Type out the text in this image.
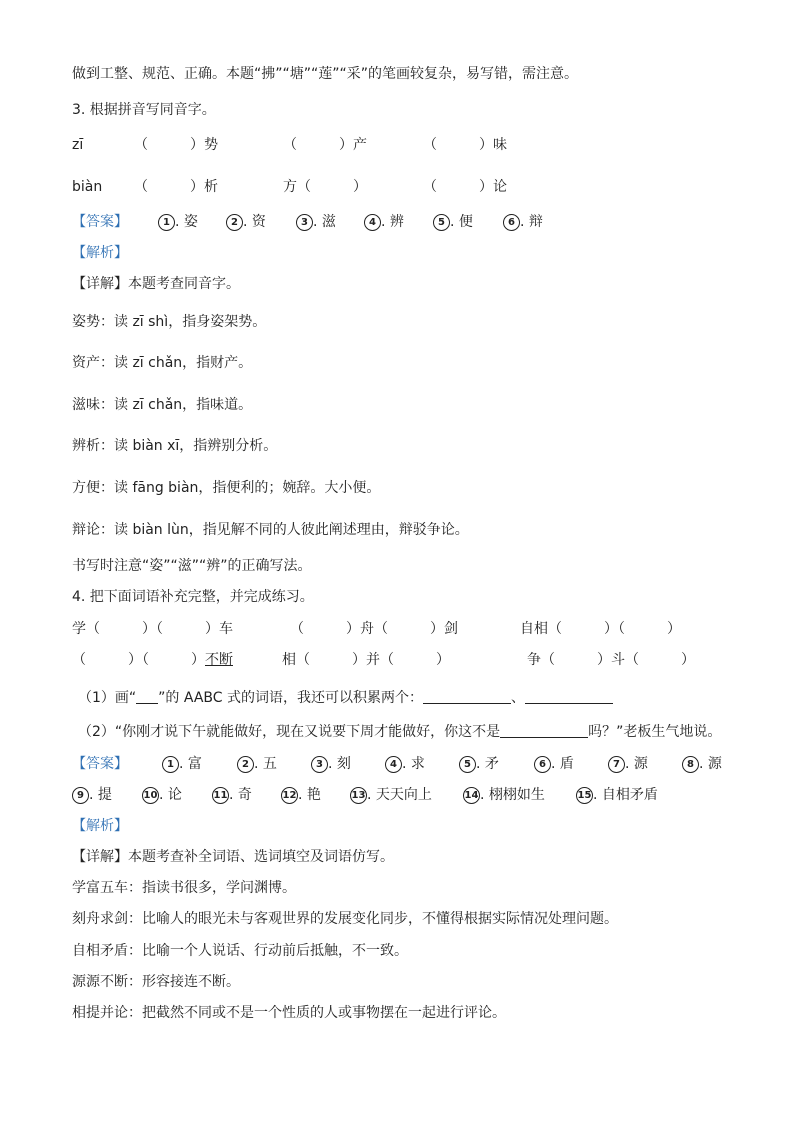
做到工整、规范、正确。本题“拂”“塘”“莲”“采”的笔画较复杂，易写错，需注意。
3. 根据拼音写同音字。
zī	（　　　）势	（　　　）产	（　　　）味
biàn （　　　）析	方（　　　）	（　　　）论
【答案】	1 . 姿	2 . 资	3 . 滋	4 . 辨	5 . 便	6 . 辩
【解析】
【详解】本题考查同音字。
姿势：读 zī shì，指身姿架势。
资产：读 zī chǎn，指财产。
滋味：读 zī chǎn，指味道。
辨析：读 biàn xī，指辨别分析。
方便：读 fāng biàn，指便利的；婉辞。大小便。
辩论：读 biàn lùn，指见解不同的人彼此阐述理由，辩驳争论。
书写时注意“姿”“滋”“辨”的正确写法。
4. 把下面词语补充完整，并完成练习。
学（　　　）（　　　）车	（　　　）舟（　　　）剑	自相（　　　）（　　　）
（　　　）（　　　）不断	相（　　　）并（　　　）	争（　　　）斗（　　　）
（1）画“ ”的 AABC 式的词语，我还可以积累两个：	、
（2）“你刚才说下午就能做好，现在又说要下周才能做好，你这不是	吗？”老板生气地说。
【答案】	1 . 富	2 . 五	3 . 刻	4 . 求	5 . 矛	6 . 盾	7 . 源	8 . 源
9 . 提	10 . 论	11 . 奇	12 . 艳	13 . 天天向上	14 . 栩栩如生	15 . 自相矛盾
【解析】
【详解】本题考查补全词语、选词填空及词语仿写。
学富五车：指读书很多，学问渊博。
刻舟求剑：比喻人的眼光未与客观世界的发展变化同步，不懂得根据实际情况处理问题。
自相矛盾：比喻一个人说话、行动前后抵触，不一致。
源源不断：形容接连不断。
相提并论：把截然不同或不是一个性质的人或事物摆在一起进行评论。
